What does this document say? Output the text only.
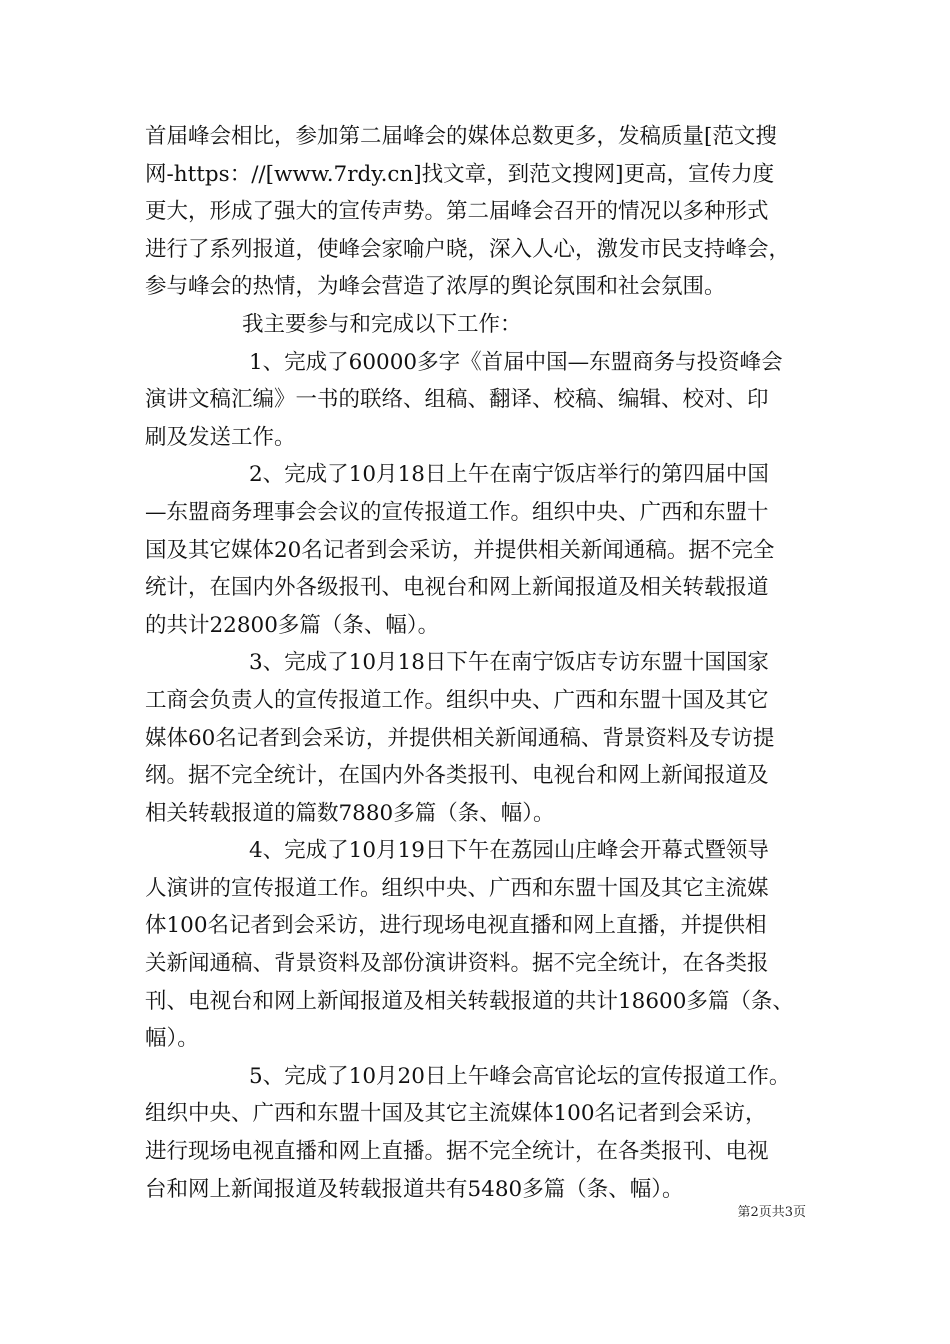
首届峰会相比，参加第二届峰会的媒体总数更多，发稿质量[范文搜
网-https：//[www.7rdy.cn]找文章，到范文搜网]更高，宣传力度
更大，形成了强大的宣传声势。第二届峰会召开的情况以多种形式
进行了系列报道，使峰会家喻户晓，深入人心，激发市民支持峰会，
参与峰会的热情，为峰会营造了浓厚的舆论氛围和社会氛围。
我主要参与和完成以下工作：
1、完成了60000多字《首届中国—东盟商务与投资峰会
演讲文稿汇编》一书的联络、组稿、翻译、校稿、编辑、校对、印
刷及发送工作。
2、完成了10月18日上午在南宁饭店举行的第四届中国
—东盟商务理事会会议的宣传报道工作。组织中央、广西和东盟十
国及其它媒体20名记者到会采访，并提供相关新闻通稿。据不完全
统计，在国内外各级报刊、电视台和网上新闻报道及相关转载报道
的共计22800多篇（条、幅）。
3、完成了10月18日下午在南宁饭店专访东盟十国国家
工商会负责人的宣传报道工作。组织中央、广西和东盟十国及其它
媒体60名记者到会采访，并提供相关新闻通稿、背景资料及专访提
纲。据不完全统计，在国内外各类报刊、电视台和网上新闻报道及
相关转载报道的篇数7880多篇（条、幅）。
4、完成了10月19日下午在荔园山庄峰会开幕式暨领导
人演讲的宣传报道工作。组织中央、广西和东盟十国及其它主流媒
体100名记者到会采访，进行现场电视直播和网上直播，并提供相
关新闻通稿、背景资料及部份演讲资料。据不完全统计，在各类报
刊、电视台和网上新闻报道及相关转载报道的共计18600多篇（条、
幅）。
5、完成了10月20日上午峰会高官论坛的宣传报道工作。
组织中央、广西和东盟十国及其它主流媒体100名记者到会采访，
进行现场电视直播和网上直播。据不完全统计，在各类报刊、电视
台和网上新闻报道及转载报道共有5480多篇（条、幅）。
第2页共3页
